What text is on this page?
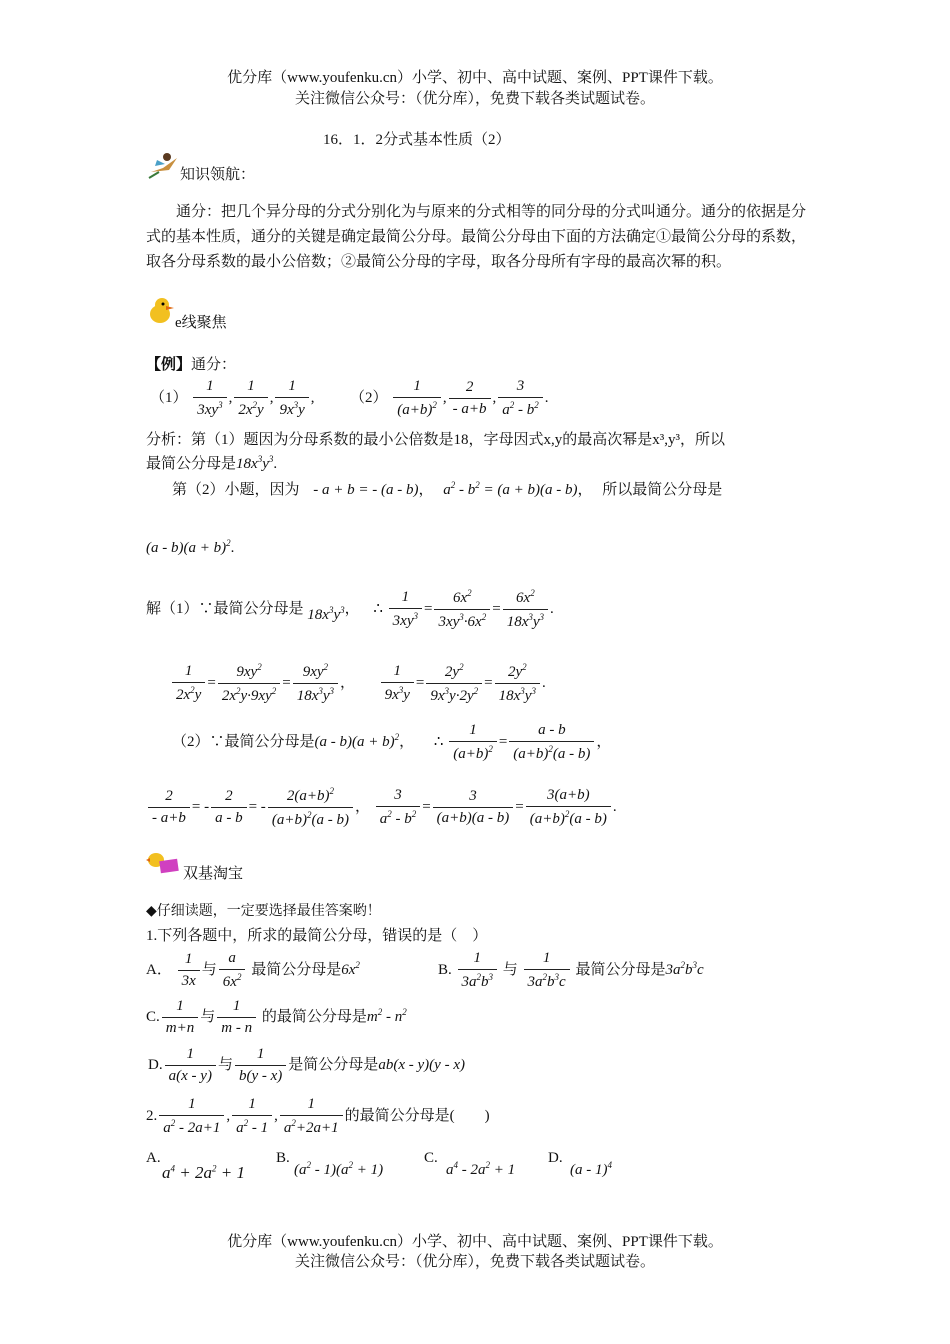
优分库（www.youfenku.cn）小学、初中、高中试题、案例、PPT课件下载。
关注微信公众号：（优分库），免费下载各类试题试卷。
16．1．2分式基本性质（2）
知识领航：
通分：把几个异分母的分式分别化为与原来的分式相等的同分母的分式叫通分。通分的依据是分式的基本性质，通分的关键是确定最简公分母。最简公分母由下面的方法确定①最简公分母的系数，取各分母系数的最小公倍数；②最简公分母的字母，取各分母所有字母的最高次幂的积。
e线聚焦
【例】通分：
$(1) \frac{1}{3xy^3}$ , $\frac{1}{2x^2y}$ , $\frac{1}{9x^3y}$ ,  $(2) \frac{1}{(a+b)^2}$ , $\frac{2}{- a+b}$ , $\frac{3}{a^2 - b^2}$ .
分析：第（1）题因为分母系数的最小公倍数是18，字母因式x,y的最高次幂是x³,y³，所以
最简公分母是$18x^3y^3$.
第（2）小题，因为 - a + b = - (a - b)， $a^2 - b^2 = (a + b)(a - b)$， 所以最简公分母是
$(a - b)(a + b)^2$.
解（1）∵最简公分母是 $18x^3y^3$， ∴ $\frac{1}{3xy^3} = \frac{6x^2}{3xy^3\cdot 6x^2} = \frac{6x^2}{18x^3y^3}$ .
$\frac{1}{2x^2y} = \frac{9xy^2}{2x^2y\cdot 9xy^2} = \frac{9xy^2}{18x^3y^3}$ ， $\frac{1}{9x^3y} = \frac{2y^2}{9x^3y\cdot 2y^2} = \frac{2y^2}{18x^3y^3}$ .
（2）∵最简公分母是$(a - b)(a + b)^2$， ∴ $\frac{1}{(a+b)^2} = \frac{a - b}{(a+b)^2(a - b)}$ ，
$\frac{2}{- a+b}$ = - $\frac{2}{a - b}$ = - $\frac{2(a+b)^2}{(a+b)^2(a - b)}$ ， $\frac{3}{a^2 - b^2} = \frac{3}{(a+b)(a - b)} = \frac{3(a+b)}{(a+b)^2(a - b)}$ .
双基淘宝
◆仔细读题，一定要选择最佳答案哟！
1.下列各题中，所求的最简公分母，错误的是（　）
A． $\frac{1}{3x}$ 与 $\frac{a}{6x^2}$ 最简公分母是$6x^2$	B. $\frac{1}{3a^2b^3}$ 与 $\frac{1}{3a^2b^3c}$ 最简公分母是$3a^2b^3c$
C. $\frac{1}{m+n}$ 与 $\frac{1}{m - n}$ 的最简公分母是$m^2 - n^2$
D. $\frac{1}{a(x - y)}$ 与 $\frac{1}{b(y - x)}$ 是简公分母是ab(x - y)(y - x)
2. $\frac{1}{a^2 - 2a+1}$ , $\frac{1}{a^2 - 1}$ , $\frac{1}{a^2+2a+1}$ 的最简公分母是(　　)
A.
$a^4 + 2a^2 + 1$
B.
$(a^2 - 1)(a^2 + 1)$
C.
$a^4 - 2a^2 + 1$
D.
(a - 1)$^4$
优分库（www.youfenku.cn）小学、初中、高中试题、案例、PPT课件下载。
关注微信公众号：（优分库），免费下载各类试题试卷。
